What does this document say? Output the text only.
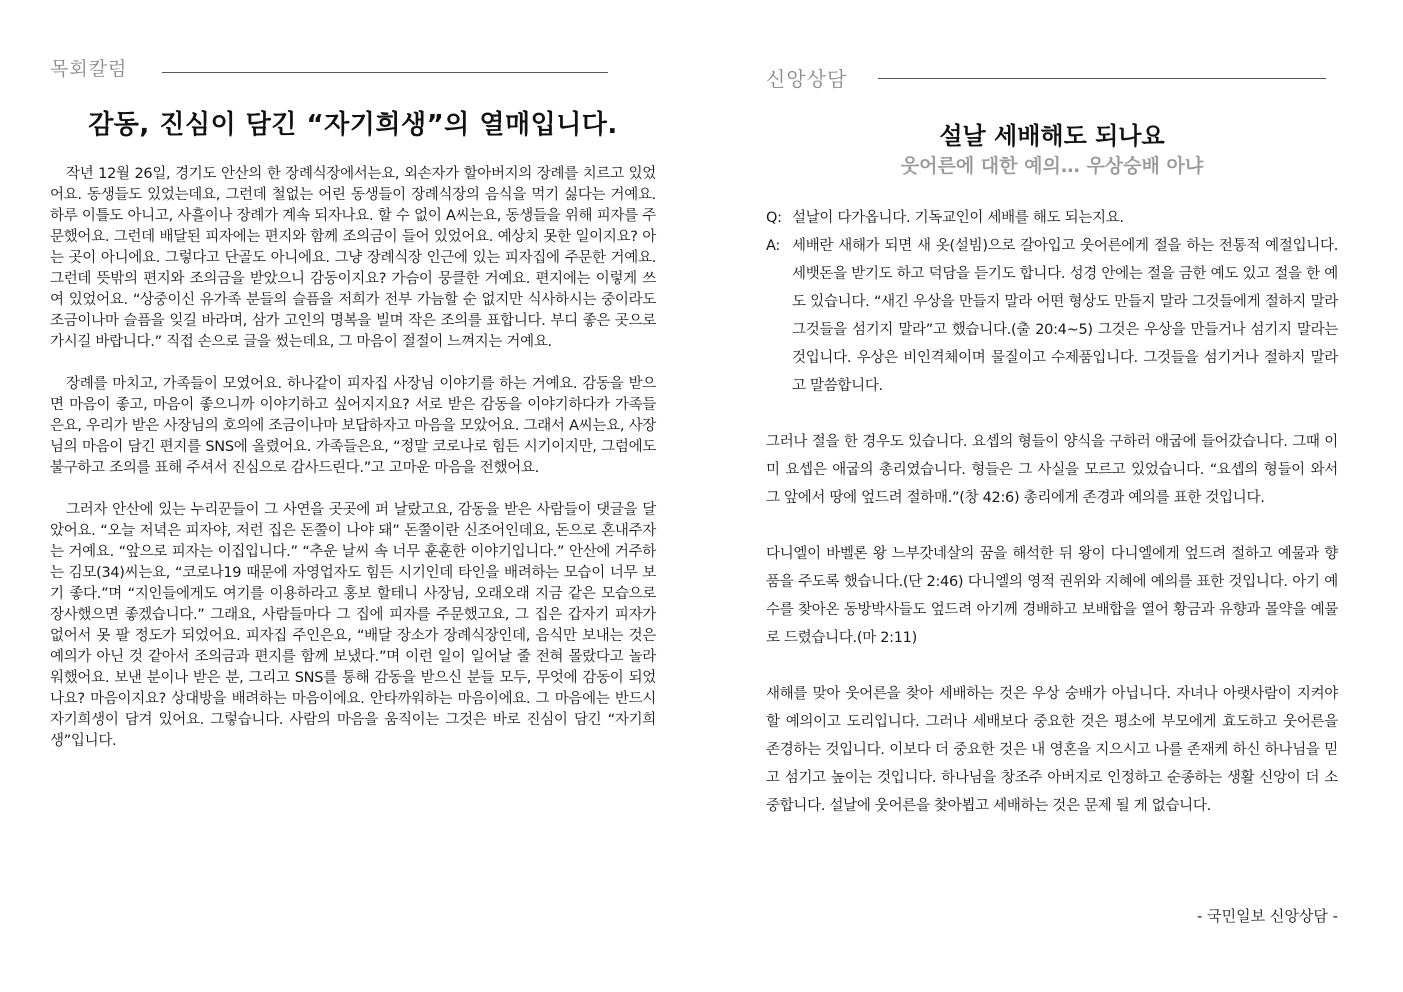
목회칼럼
감동, 진심이 담긴 “자기희생”의 열매입니다.

작년 12월 26일, 경기도 안산의 한 장례식장에서는요, 외손자가 할아버지의 장례를 치르고 있었어요. 동생들도 있었는데요, 그런데 철없는 어린 동생들이 장례식장의 음식을 먹기 싫다는 거예요. 하루 이틀도 아니고, 사흘이나 장례가 계속 되자나요. 할 수 없이 A씨는요, 동생들을 위해 피자를 주문했어요. 그런데 배달된 피자에는 편지와 함께 조의금이 들어 있었어요. 예상치 못한 일이지요? 아는 곳이 아니에요. 그렇다고 단골도 아니에요. 그냥 장례식장 인근에 있는 피자집에 주문한 거예요. 그런데 뜻밖의 편지와 조의금을 받았으니 감동이지요? 가슴이 뭉클한 거예요. 편지에는 이렇게 쓰여 있었어요. “상중이신 유가족 분들의 슬픔을 저희가 전부 가늠할 순 없지만 식사하시는 중이라도 조금이나마 슬픔을 잊길 바라며, 삼가 고인의 명복을 빌며 작은 조의를 표합니다. 부디 좋은 곳으로 가시길 바랍니다.” 직접 손으로 글을 썼는데요, 그 마음이 절절이 느껴지는 거예요.

장례를 마치고, 가족들이 모였어요. 하나같이 피자집 사장님 이야기를 하는 거예요. 감동을 받으면 마음이 좋고, 마음이 좋으니까 이야기하고 싶어지지요? 서로 받은 감동을 이야기하다가 가족들은요, 우리가 받은 사장님의 호의에 조금이나마 보답하자고 마음을 모았어요. 그래서 A씨는요, 사장님의 마음이 담긴 편지를 SNS에 올렸어요. 가족들은요, “정말 코로나로 힘든 시기이지만, 그럼에도 불구하고 조의를 표해 주셔서 진심으로 감사드린다.”고 고마운 마음을 전했어요.

그러자 안산에 있는 누리꾼들이 그 사연을 곳곳에 퍼 날랐고요, 감동을 받은 사람들이 댓글을 달았어요. “오늘 저녁은 피자야, 저런 집은 돈쭐이 나야 돼” 돈쭐이란 신조어인데요, 돈으로 혼내주자는 거예요. “앞으로 피자는 이집입니다.” “추운 날씨 속 너무 훈훈한 이야기입니다.” 안산에 거주하는 김모(34)씨는요, “코로나19 때문에 자영업자도 힘든 시기인데 타인을 배려하는 모습이 너무 보기 좋다.”며 “지인들에게도 여기를 이용하라고 홍보 할테니 사장님, 오래오래 지금 같은 모습으로 장사했으면 좋겠습니다.” 그래요, 사람들마다 그 집에 피자를 주문했고요, 그 집은 갑자기 피자가 없어서 못 팔 정도가 되었어요. 피자집 주인은요, “배달 장소가 장례식장인데, 음식만 보내는 것은 예의가 아닌 것 같아서 조의금과 편지를 함께 보냈다.”며 이런 일이 일어날 줄 전혀 몰랐다고 놀라워했어요. 보낸 분이나 받은 분, 그리고 SNS를 통해 감동을 받으신 분들 모두, 무엇에 감동이 되었나요? 마음이지요? 상대방을 배려하는 마음이에요. 안타까워하는 마음이에요. 그 마음에는 반드시 자기희생이 담겨 있어요. 그렇습니다. 사람의 마음을 움직이는 그것은 바로 진심이 담긴 “자기희생”입니다.

신앙상담
설날 세배해도 되나요
웃어른에 대한 예의… 우상숭배 아냐
Q: 설날이 다가옵니다. 기독교인이 세배를 해도 되는지요.
A: 세배란 새해가 되면 새 옷(설빔)으로 갈아입고 웃어른에게 절을 하는 전통적 예절입니다. 세뱃돈을 받기도 하고 덕담을 듣기도 합니다. 성경 안에는 절을 금한 예도 있고 절을 한 예도 있습니다. “새긴 우상을 만들지 말라 어떤 형상도 만들지 말라 그것들에게 절하지 말라 그것들을 섬기지 말라”고 했습니다.(출 20:4~5) 그것은 우상을 만들거나 섬기지 말라는 것입니다. 우상은 비인격체이며 물질이고 수제품입니다. 그것들을 섬기거나 절하지 말라고 말씀합니다.

그러나 절을 한 경우도 있습니다. 요셉의 형들이 양식을 구하러 애굽에 들어갔습니다. 그때 이미 요셉은 애굽의 총리였습니다. 형들은 그 사실을 모르고 있었습니다. “요셉의 형들이 와서 그 앞에서 땅에 엎드려 절하매.”(창 42:6) 총리에게 존경과 예의를 표한 것입니다.

다니엘이 바벨론 왕 느부갓네살의 꿈을 해석한 뒤 왕이 다니엘에게 엎드려 절하고 예물과 향품을 주도록 했습니다.(단 2:46) 다니엘의 영적 권위와 지혜에 예의를 표한 것입니다. 아기 예수를 찾아온 동방박사들도 엎드려 아기께 경배하고 보배합을 열어 황금과 유향과 몰약을 예물로 드렸습니다.(마 2:11)

새해를 맞아 웃어른을 찾아 세배하는 것은 우상 숭배가 아닙니다. 자녀나 아랫사람이 지켜야 할 예의이고 도리입니다. 그러나 세배보다 중요한 것은 평소에 부모에게 효도하고 웃어른을 존경하는 것입니다. 이보다 더 중요한 것은 내 영혼을 지으시고 나를 존재케 하신 하나님을 믿고 섬기고 높이는 것입니다. 하나님을 창조주 아버지로 인정하고 순종하는 생활 신앙이 더 소중합니다. 설날에 웃어른을 찾아뵙고 세배하는 것은 문제 될 게 없습니다.

- 국민일보 신앙상담 -
